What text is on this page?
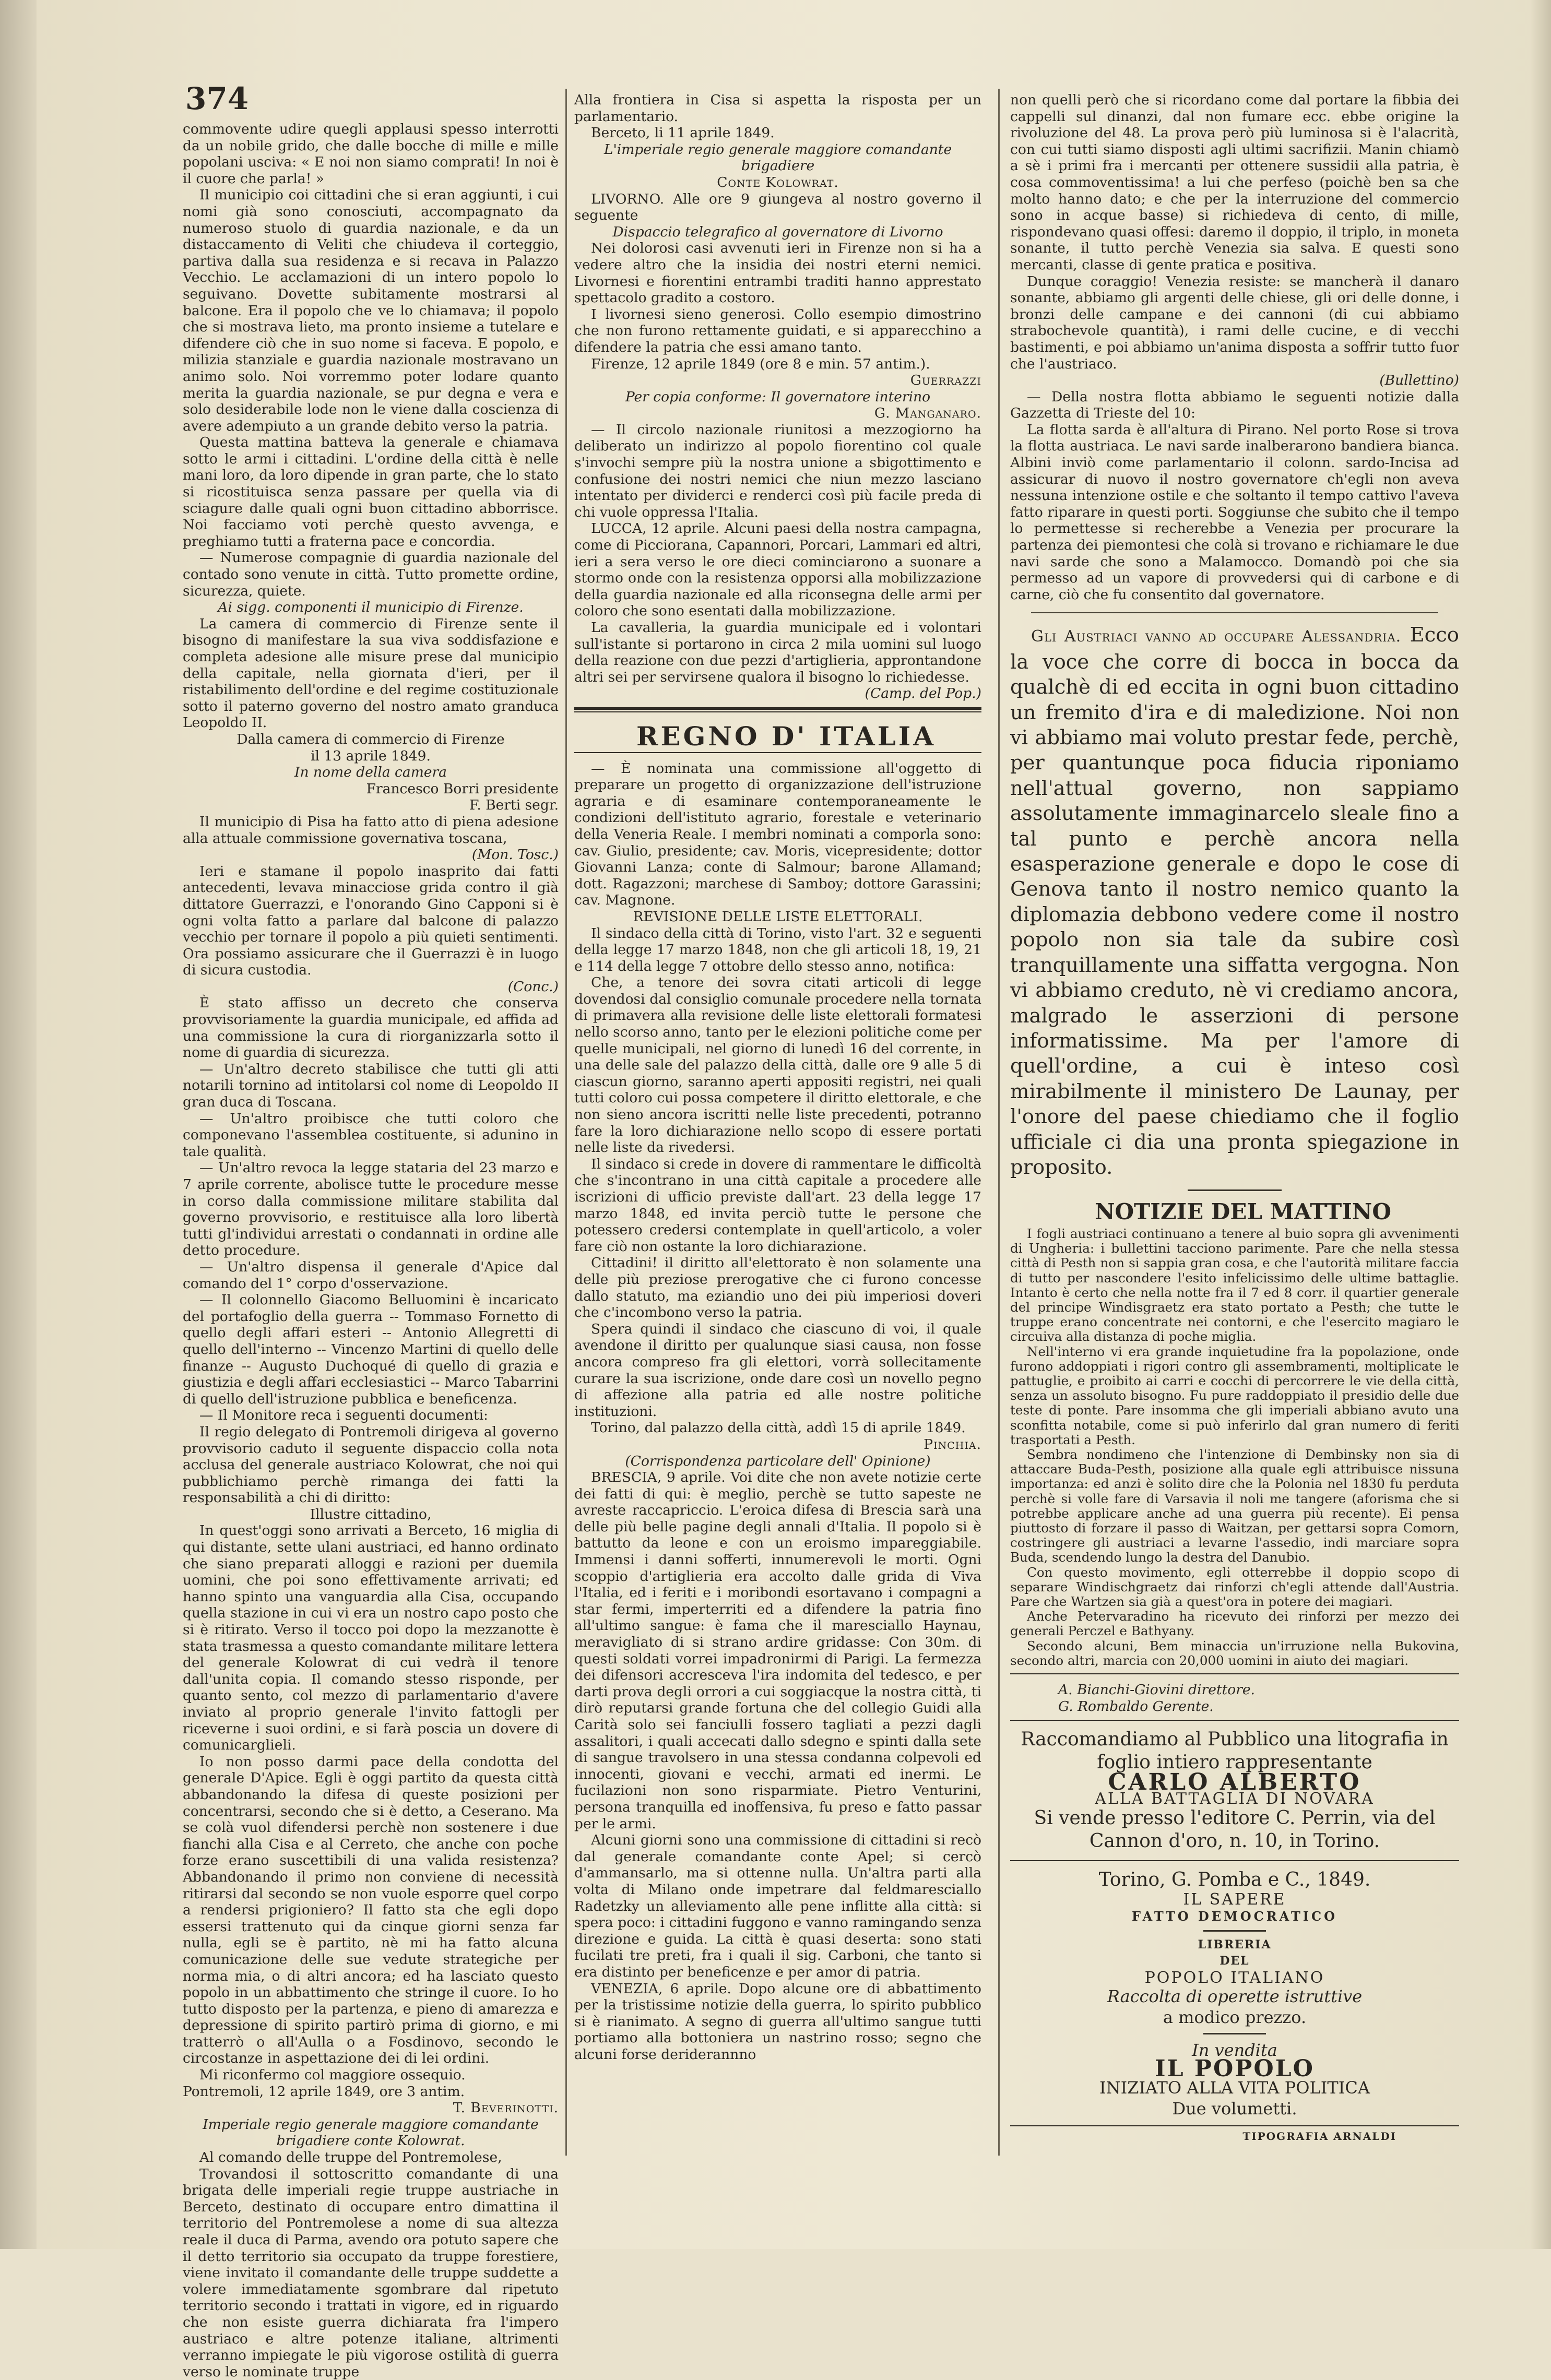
374

commovente udire quegli applausi spesso interrotti da un nobile grido, che dalle bocche di mille e mille popolani usciva: « E noi non siamo comprati! In noi è il cuore che parla! »

Il municipio coi cittadini che si eran aggiunti, i cui nomi già sono conosciuti, accompagnato da numeroso stuolo di guardia nazionale, e da un distaccamento di Veliti che chiudeva il corteggio, partiva dalla sua residenza e si recava in Palazzo Vecchio. Le acclamazioni di un intero popolo lo seguivano. Dovette subitamente mostrarsi al balcone. Era il popolo che ve lo chiamava; il popolo che si mostrava lieto, ma pronto insieme a tutelare e difendere ciò che in suo nome si faceva. E popolo, e milizia stanziale e guardia nazionale mostravano un animo solo. Noi vorremmo poter lodare quanto merita la guardia nazionale, se pur degna e vera e solo desiderabile lode non le viene dalla coscienza di avere adempiuto a un grande debito verso la patria.

Questa mattina batteva la generale e chiamava sotto le armi i cittadini. L'ordine della città è nelle mani loro, da loro dipende in gran parte, che lo stato si ricostituisca senza passare per quella via di sciagure dalle quali ogni buon cittadino abborrisce. Noi facciamo voti perchè questo avvenga, e preghiamo tutti a fraterna pace e concordia.

— Numerose compagnie di guardia nazionale del contado sono venute in città. Tutto promette ordine, sicurezza, quiete.

Ai sigg. componenti il municipio di Firenze.

La camera di commercio di Firenze sente il bisogno di manifestare la sua viva soddisfazione e completa adesione alle misure prese dal municipio della capitale, nella giornata d'ieri, per il ristabilimento dell'ordine e del regime costituzionale sotto il paterno governo del nostro amato granduca Leopoldo II.

Dalla camera di commercio di Firenze

il 13 aprile 1849.

In nome della camera

Francesco Borri presidente

F. Berti segr.

Il municipio di Pisa ha fatto atto di piena adesione alla attuale commissione governativa toscana,

(Mon. Tosc.)

Ieri e stamane il popolo inasprito dai fatti antecedenti, levava minacciose grida contro il già dittatore Guerrazzi, e l'onorando Gino Capponi si è ogni volta fatto a parlare dal balcone di palazzo vecchio per tornare il popolo a più quieti sentimenti. Ora possiamo assicurare che il Guerrazzi è in luogo di sicura custodia.

(Conc.)

È stato affisso un decreto che conserva provvisoriamente la guardia municipale, ed affida ad una commissione la cura di riorganizzarla sotto il nome di guardia di sicurezza.

— Un'altro decreto stabilisce che tutti gli atti notarili tornino ad intitolarsi col nome di Leopoldo II gran duca di Toscana.

— Un'altro proibisce che tutti coloro che componevano l'assemblea costituente, si adunino in tale qualità.

— Un'altro revoca la legge stataria del 23 marzo e 7 aprile corrente, abolisce tutte le procedure messe in corso dalla commissione militare stabilita dal governo provvisorio, e restituisce alla loro libertà tutti gl'individui arrestati o condannati in ordine alle detto procedure.

— Un'altro dispensa il generale d'Apice dal comando del 1° corpo d'osservazione.

— Il colonnello Giacomo Belluomini è incaricato del portafoglio della guerra -- Tommaso Fornetto di quello degli affari esteri -- Antonio Allegretti di quello dell'interno -- Vincenzo Martini di quello delle finanze -- Augusto Duchoqué di quello di grazia e giustizia e degli affari ecclesiastici -- Marco Tabarrini di quello dell'istruzione pubblica e beneficenza.

— Il Monitore reca i seguenti documenti:

Il regio delegato di Pontremoli dirigeva al governo provvisorio caduto il seguente dispaccio colla nota acclusa del generale austriaco Kolowrat, che noi qui pubblichiamo perchè rimanga dei fatti la responsabilità a chi di diritto:

Illustre cittadino,

In quest'oggi sono arrivati a Berceto, 16 miglia di qui distante, sette ulani austriaci, ed hanno ordinato che siano preparati alloggi e razioni per duemila uomini, che poi sono effettivamente arrivati; ed hanno spinto una vanguardia alla Cisa, occupando quella stazione in cui vi era un nostro capo posto che si è ritirato. Verso il tocco poi dopo la mezzanotte è stata trasmessa a questo comandante militare lettera del generale Kolowrat di cui vedrà il tenore dall'unita copia. Il comando stesso risponde, per quanto sento, col mezzo di parlamentario d'avere inviato al proprio generale l'invito fattogli per riceverne i suoi ordini, e si farà poscia un dovere di comunicarglieli.

Io non posso darmi pace della condotta del generale D'Apice. Egli è oggi partito da questa città abbandonando la difesa di queste posizioni per concentrarsi, secondo che si è detto, a Ceserano. Ma se colà vuol difendersi perchè non sostenere i due fianchi alla Cisa e al Cerreto, che anche con poche forze erano suscettibili di una valida resistenza? Abbandonando il primo non conviene di necessità ritirarsi dal secondo se non vuole esporre quel corpo a rendersi prigioniero? Il fatto sta che egli dopo essersi trattenuto qui da cinque giorni senza far nulla, egli se è partito, nè mi ha fatto alcuna comunicazione delle sue vedute strategiche per norma mia, o di altri ancora; ed ha lasciato questo popolo in un abbattimento che stringe il cuore. Io ho tutto disposto per la partenza, e pieno di amarezza e depressione di spirito partirò prima di giorno, e mi tratterrò o all'Aulla o a Fosdinovo, secondo le circostanze in aspettazione dei di lei ordini.

Mi riconfermo col maggiore ossequio.

Pontremoli, 12 aprile 1849, ore 3 antim.

T. Beverinotti.

Imperiale regio generale maggiore comandante brigadiere conte Kolowrat.

Al comando delle truppe del Pontremolese,

Trovandosi il sottoscritto comandante di una brigata delle imperiali regie truppe austriache in Berceto, destinato di occupare entro dimattina il territorio del Pontremolese a nome di sua altezza reale il duca di Parma, avendo ora potuto sapere che il detto territorio sia occupato da truppe forestiere, viene invitato il comandante delle truppe suddette a volere immediatamente sgombrare dal ripetuto territorio secondo i trattati in vigore, ed in riguardo che non esiste guerra dichiarata fra l'impero austriaco e altre potenze italiane, altrimenti verranno impiegate le più vigorose ostilità di guerra verso le nominate truppe

Alla frontiera in Cisa si aspetta la risposta per un parlamentario.

Berceto, li 11 aprile 1849.

L'imperiale regio generale maggiore comandante brigadiere

Conte Kolowrat.

LIVORNO. Alle ore 9 giungeva al nostro governo il seguente

Dispaccio telegrafico al governatore di Livorno

Nei dolorosi casi avvenuti ieri in Firenze non si ha a vedere altro che la insidia dei nostri eterni nemici. Livornesi e fiorentini entrambi traditi hanno apprestato spettacolo gradito a costoro.

I livornesi sieno generosi. Collo esempio dimostrino che non furono rettamente guidati, e si apparecchino a difendere la patria che essi amano tanto.

Firenze, 12 aprile 1849 (ore 8 e min. 57 antim.).

Guerrazzi

Per copia conforme: Il governatore interino

G. Manganaro.

— Il circolo nazionale riunitosi a mezzogiorno ha deliberato un indirizzo al popolo fiorentino col quale s'invochi sempre più la nostra unione a sbigottimento e confusione dei nostri nemici che niun mezzo lasciano intentato per dividerci e renderci così più facile preda di chi vuole oppressa l'Italia.

LUCCA, 12 aprile. Alcuni paesi della nostra campagna, come di Picciorana, Capannori, Porcari, Lammari ed altri, ieri a sera verso le ore dieci cominciarono a suonare a stormo onde con la resistenza opporsi alla mobilizzazione della guardia nazionale ed alla riconsegna delle armi per coloro che sono esentati dalla mobilizzazione.

La cavalleria, la guardia municipale ed i volontari sull'istante si portarono in circa 2 mila uomini sul luogo della reazione con due pezzi d'artiglieria, approntandone altri sei per servirsene qualora il bisogno lo richiedesse.

(Camp. del Pop.)

REGNO D' ITALIA

— È nominata una commissione all'oggetto di preparare un progetto di organizzazione dell'istruzione agraria e di esaminare contemporaneamente le condizioni dell'istituto agrario, forestale e veterinario della Veneria Reale. I membri nominati a comporla sono: cav. Giulio, presidente; cav. Moris, vicepresidente; dottor Giovanni Lanza; conte di Salmour; barone Allamand; dott. Ragazzoni; marchese di Samboy; dottore Garassini; cav. Magnone.

REVISIONE DELLE LISTE ELETTORALI.

Il sindaco della città di Torino, visto l'art. 32 e seguenti della legge 17 marzo 1848, non che gli articoli 18, 19, 21 e 114 della legge 7 ottobre dello stesso anno, notifica:

Che, a tenore dei sovra citati articoli di legge dovendosi dal consiglio comunale procedere nella tornata di primavera alla revisione delle liste elettorali formatesi nello scorso anno, tanto per le elezioni politiche come per quelle municipali, nel giorno di lunedì 16 del corrente, in una delle sale del palazzo della città, dalle ore 9 alle 5 di ciascun giorno, saranno aperti appositi registri, nei quali tutti coloro cui possa competere il diritto elettorale, e che non sieno ancora iscritti nelle liste precedenti, potranno fare la loro dichiarazione nello scopo di essere portati nelle liste da rivedersi.

Il sindaco si crede in dovere di rammentare le difficoltà che s'incontrano in una città capitale a procedere alle iscrizioni di ufficio previste dall'art. 23 della legge 17 marzo 1848, ed invita perciò tutte le persone che potessero credersi contemplate in quell'articolo, a voler fare ciò non ostante la loro dichiarazione.

Cittadini! il diritto all'elettorato è non solamente una delle più preziose prerogative che ci furono concesse dallo statuto, ma eziandio uno dei più imperiosi doveri che c'incombono verso la patria.

Spera quindi il sindaco che ciascuno di voi, il quale avendone il diritto per qualunque siasi causa, non fosse ancora compreso fra gli elettori, vorrà sollecitamente curare la sua iscrizione, onde dare così un novello pegno di affezione alla patria ed alle nostre politiche instituzioni.

Torino, dal palazzo della città, addì 15 di aprile 1849.

Pinchia.

(Corrispondenza particolare dell' Opinione)

BRESCIA, 9 aprile. Voi dite che non avete notizie certe dei fatti di qui: è meglio, perchè se tutto sapeste ne avreste raccapriccio. L'eroica difesa di Brescia sarà una delle più belle pagine degli annali d'Italia. Il popolo si è battutto da leone e con un eroismo impareggiabile. Immensi i danni sofferti, innumerevoli le morti. Ogni scoppio d'artiglieria era accolto dalle grida di Viva l'Italia, ed i feriti e i moribondi esortavano i compagni a star fermi, imperterriti ed a difendere la patria fino all'ultimo sangue: è fama che il maresciallo Haynau, meravigliato di si strano ardire gridasse: Con 30m. di questi soldati vorrei impadronirmi di Parigi. La fermezza dei difensori accresceva l'ira indomita del tedesco, e per darti prova degli orrori a cui soggiacque la nostra città, ti dirò reputarsi grande fortuna che del collegio Guidi alla Carità solo sei fanciulli fossero tagliati a pezzi dagli assalitori, i quali accecati dallo sdegno e spinti dalla sete di sangue travolsero in una stessa condanna colpevoli ed innocenti, giovani e vecchi, armati ed inermi. Le fucilazioni non sono risparmiate. Pietro Venturini, persona tranquilla ed inoffensiva, fu preso e fatto passar per le armi.

Alcuni giorni sono una commissione di cittadini si recò dal generale comandante conte Apel; si cercò d'ammansarlo, ma si ottenne nulla. Un'altra parti alla volta di Milano onde impetrare dal feldmaresciallo Radetzky un alleviamento alle pene inflitte alla città: si spera poco: i cittadini fuggono e vanno ramingando senza direzione e guida. La città è quasi deserta: sono stati fucilati tre preti, fra i quali il sig. Carboni, che tanto si era distinto per beneficenze e per amor di patria.

VENEZIA, 6 aprile. Dopo alcune ore di abbattimento per la tristissime notizie della guerra, lo spirito pubblico si è rianimato. A segno di guerra all'ultimo sangue tutti portiamo alla bottoniera un nastrino rosso; segno che alcuni forse deriderannno

non quelli però che si ricordano come dal portare la fibbia dei cappelli sul dinanzi, dal non fumare ecc. ebbe origine la rivoluzione del 48. La prova però più luminosa si è l'alacrità, con cui tutti siamo disposti agli ultimi sacrifizii. Manin chiamò a sè i primi fra i mercanti per ottenere sussidii alla patria, è cosa commoventissima! a lui che perfeso (poichè ben sa che molto hanno dato; e che per la interruzione del commercio sono in acque basse) si richiedeva di cento, di mille, rispondevano quasi offesi: daremo il doppio, il triplo, in moneta sonante, il tutto perchè Venezia sia salva. E questi sono mercanti, classe di gente pratica e positiva.

Dunque coraggio! Venezia resiste: se mancherà il danaro sonante, abbiamo gli argenti delle chiese, gli ori delle donne, i bronzi delle campane e dei cannoni (di cui abbiamo strabochevole quantità), i rami delle cucine, e di vecchi bastimenti, e poi abbiamo un'anima disposta a soffrir tutto fuor che l'austriaco.

(Bullettino)

— Della nostra flotta abbiamo le seguenti notizie dalla Gazzetta di Trieste del 10:

La flotta sarda è all'altura di Pirano. Nel porto Rose si trova la flotta austriaca. Le navi sarde inalberarono bandiera bianca. Albini inviò come parlamentario il colonn. sardo-Incisa ad assicurar di nuovo il nostro governatore ch'egli non aveva nessuna intenzione ostile e che soltanto il tempo cattivo l'aveva fatto riparare in questi porti. Soggiunse che subito che il tempo lo permettesse si recherebbe a Venezia per procurare la partenza dei piemontesi che colà si trovano e richiamare le due navi sarde che sono a Malamocco. Domandò poi che sia permesso ad un vapore di provvedersi qui di carbone e di carne, ciò che fu consentito dal governatore.

Gli Austriaci vanno ad occupare Alessandria. Ecco la voce che corre di bocca in bocca da qualchè di ed eccita in ogni buon cittadino un fremito d'ira e di maledizione. Noi non vi abbiamo mai voluto prestar fede, perchè, per quantunque poca fiducia riponiamo nell'attual governo, non sappiamo assolutamente immaginarcelo sleale fino a tal punto e perchè ancora nella esasperazione generale e dopo le cose di Genova tanto il nostro nemico quanto la diplomazia debbono vedere come il nostro popolo non sia tale da subire così tranquillamente una siffatta vergogna. Non vi abbiamo creduto, nè vi crediamo ancora, malgrado le asserzioni di persone informatissime. Ma per l'amore di quell'ordine, a cui è inteso così mirabilmente il ministero De Launay, per l'onore del paese chiediamo che il foglio ufficiale ci dia una pronta spiegazione in proposito.

NOTIZIE DEL MATTINO

I fogli austriaci continuano a tenere al buio sopra gli avvenimenti di Ungheria: i bullettini tacciono parimente. Pare che nella stessa città di Pesth non si sappia gran cosa, e che l'autorità militare faccia di tutto per nascondere l'esito infelicissimo delle ultime battaglie. Intanto è certo che nella notte fra il 7 ed 8 corr. il quartier generale del principe Windisgraetz era stato portato a Pesth; che tutte le truppe erano concentrate nei contorni, e che l'esercito magiaro le circuiva alla distanza di poche miglia.

Nell'interno vi era grande inquietudine fra la popolazione, onde furono addoppiati i rigori contro gli assembramenti, moltiplicate le pattuglie, e proibito ai carri e cocchi di percorrere le vie della città, senza un assoluto bisogno. Fu pure raddoppiato il presidio delle due teste di ponte. Pare insomma che gli imperiali abbiano avuto una sconfitta notabile, come si può inferirlo dal gran numero di feriti trasportati a Pesth.

Sembra nondimeno che l'intenzione di Dembinsky non sia di attaccare Buda-Pesth, posizione alla quale egli attribuisce nissuna importanza: ed anzi è solito dire che la Polonia nel 1830 fu perduta perchè si volle fare di Varsavia il noli me tangere (aforisma che si potrebbe applicare anche ad una guerra più recente). Ei pensa piuttosto di forzare il passo di Waitzan, per gettarsi sopra Comorn, costringere gli austriaci a levarne l'assedio, indi marciare sopra Buda, scendendo lungo la destra del Danubio.

Con questo movimento, egli otterrebbe il doppio scopo di separare Windischgraetz dai rinforzi ch'egli attende dall'Austria. Pare che Wartzen sia già a quest'ora in potere dei magiari.

Anche Petervaradino ha ricevuto dei rinforzi per mezzo dei generali Perczel e Bathyany.

Secondo alcuni, Bem minaccia un'irruzione nella Bukovina, secondo altri, marcia con 20,000 uomini in aiuto dei magiari.

A. Bianchi-Giovini direttore.

G. Rombaldo Gerente.

Raccomandiamo al Pubblico una litografia in foglio intiero rappresentante

CARLO ALBERTO

ALLA BATTAGLIA DI NOVARA

Si vende presso l'editore C. Perrin, via del Cannon d'oro, n. 10, in Torino.

Torino, G. Pomba e C., 1849.

IL SAPERE

FATTO DEMOCRATICO

LIBRERIA

DEL

POPOLO ITALIANO

Raccolta di operette istruttive

a modico prezzo.

In vendita

IL POPOLO

INIZIATO ALLA VITA POLITICA

Due volumetti.

TIPOGRAFIA ARNALDI
